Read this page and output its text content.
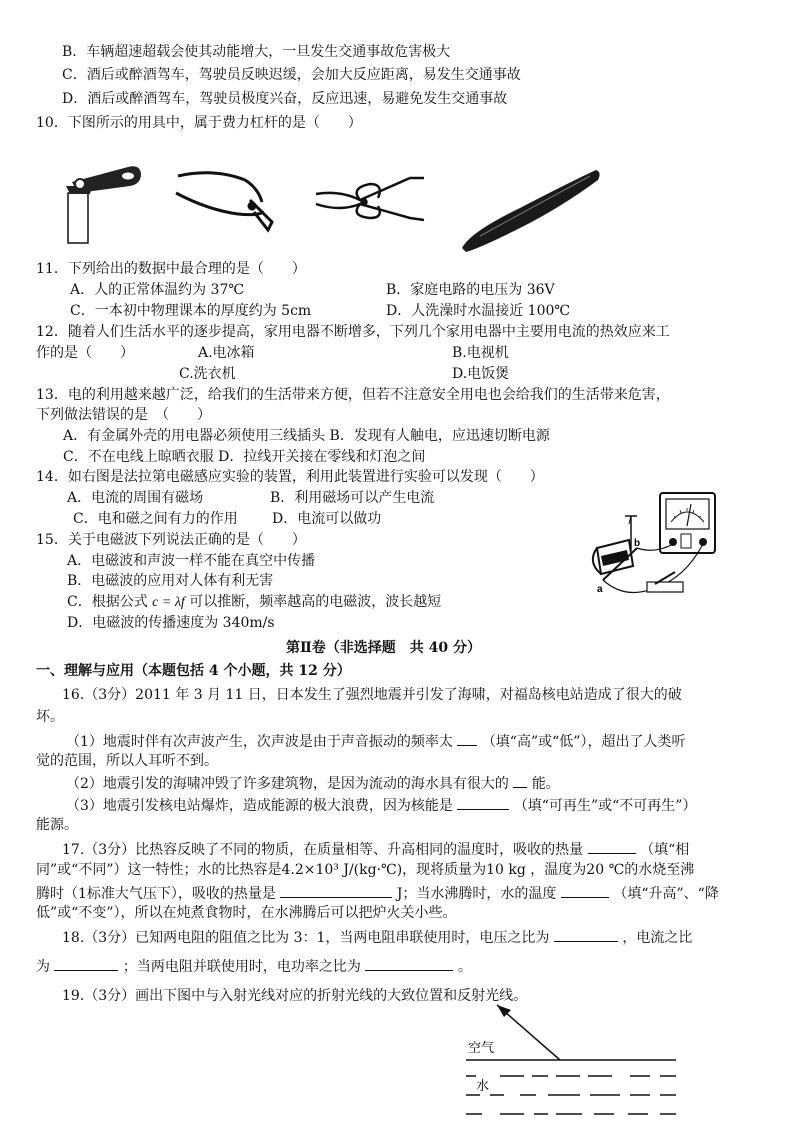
B．车辆超速超载会使其动能增大，一旦发生交通事故危害极大
C．酒后或醉酒驾车，驾驶员反映迟缓，会加大反应距离，易发生交通事故
D．酒后或醉酒驾车，驾驶员极度兴奋，反应迅速，易避免发生交通事故
10．下图所示的用具中，属于费力杠杆的是（　　）
11．下列给出的数据中最合理的是（　　）
A．人的正常体温约为 37℃	B．家庭电路的电压为 36V
C．一本初中物理课本的厚度约为 5cm	D．人洗澡时水温接近 100℃
12．随着人们生活水平的逐步提高，家用电器不断增多，下列几个家用电器中主要用电流的热效应来工
作的是（　　）	A.电冰箱	B.电视机
C.洗衣机	D.电饭煲
13．电的利用越来越广泛，给我们的生活带来方便，但若不注意安全用电也会给我们的生活带来危害，
下列做法错误的是　（　　）
A．有金属外壳的用电器必须使用三线插头 B．发现有人触电，应迅速切断电源
C．不在电线上晾晒衣服 D．拉线开关接在零线和灯泡之间
14．如右图是法拉第电磁感应实验的装置，利用此装置进行实验可以发现（　　）
A．电流的周围有磁场	B．利用磁场可以产生电流
C．电和磁之间有力的作用 D．电流可以做功
15．关于电磁波下列说法正确的是（　　）
A．电磁波和声波一样不能在真空中传播
B．电磁波的应用对人体有利无害
C．根据公式 c = λf 可以推断，频率越高的电磁波，波长越短
D．电磁波的传播速度为 340m/s
a
b
第Ⅱ卷（非选择题　共 40 分）
一、理解与应用（本题包括 4 个小题，共 12 分）
16.（3分）2011 年 3 月 11 日，日本发生了强烈地震并引发了海啸，对福岛核电站造成了很大的破
坏。
（1）地震时伴有次声波产生，次声波是由于声音振动的频率太 （填“高”或“低”），超出了人类听
觉的范围，所以人耳听不到。
（2）地震引发的海啸冲毁了许多建筑物，是因为流动的海水具有很大的 能。
（3）地震引发核电站爆炸，造成能源的极大浪费，因为核能是	（填“可再生”或“不可再生”）
能源。
17.（3分）比热容反映了不同的物质，在质量相等、升高相同的温度时，吸收的热量	（填“相
同”或“不同”）这一特性；水的比热容是4.2×10³ J/(kg·℃)，现将质量为10 kg ，温度为20 ℃的水烧至沸
腾时（1标准大气压下），吸收的热量是	J；当水沸腾时，水的温度	（填“升高”、“降
低”或“不变”），所以在炖煮食物时，在水沸腾后可以把炉火关小些。
18.（3分）已知两电阻的阻值之比为 3：1，当两电阻串联使用时，电压之比为	，电流之比
为	；当两电阻并联使用时，电功率之比为	。
19.（3分）画出下图中与入射光线对应的折射光线的大致位置和反射光线。
空气
水
